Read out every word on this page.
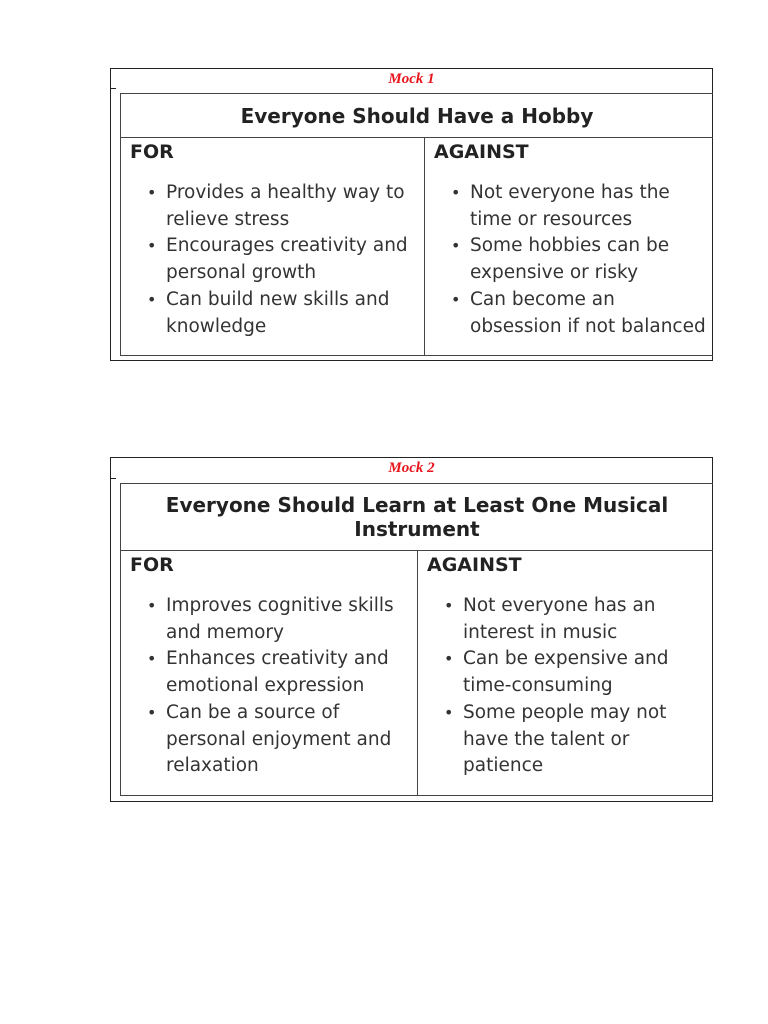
Mock 1
Everyone Should Have a Hobby
FOR
• Provides a healthy way to
relieve stress
• Encourages creativity and
personal growth
• Can build new skills and
knowledge
AGAINST
• Not everyone has the
time or resources
• Some hobbies can be
expensive or risky
• Can become an
obsession if not balanced
Mock 2
Everyone Should Learn at Least One Musical
Instrument
FOR
• Improves cognitive skills
and memory
• Enhances creativity and
emotional expression
• Can be a source of
personal enjoyment and
relaxation
AGAINST
• Not everyone has an
interest in music
• Can be expensive and
time-consuming
• Some people may not
have the talent or
patience
